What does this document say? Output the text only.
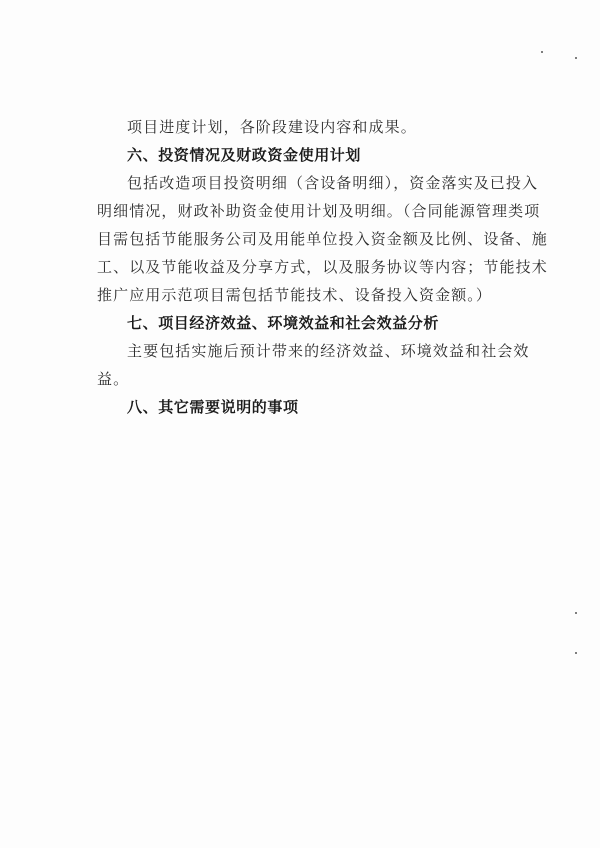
项目进度计划，各阶段建设内容和成果。
六、投资情况及财政资金使用计划
包括改造项目投资明细（含设备明细），资金落实及已投入
明细情况，财政补助资金使用计划及明细。（合同能源管理类项
目需包括节能服务公司及用能单位投入资金额及比例、设备、施
工、以及节能收益及分享方式，以及服务协议等内容；节能技术
推广应用示范项目需包括节能技术、设备投入资金额。）
七、项目经济效益、环境效益和社会效益分析
主要包括实施后预计带来的经济效益、环境效益和社会效
益。
八、其它需要说明的事项
